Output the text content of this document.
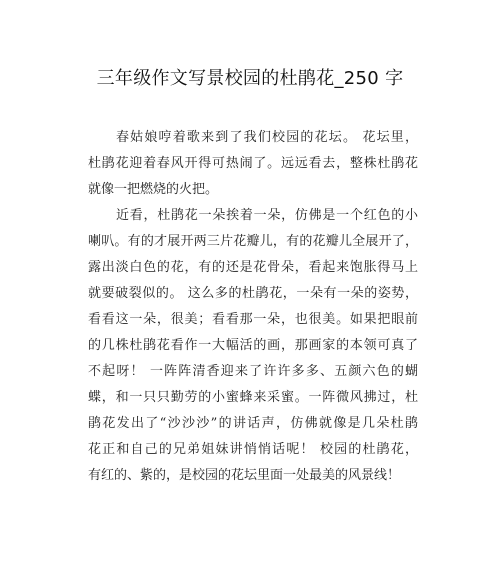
三年级作文写景校园的杜鹃花_250 字
春姑娘哼着歌来到了我们校园的花坛。 花坛里，
杜鹃花迎着春风开得可热闹了。远远看去，整株杜鹃花
就像一把燃烧的火把。
近看，杜鹃花一朵挨着一朵，仿佛是一个红色的小
喇叭。有的才展开两三片花瓣儿，有的花瓣儿全展开了，
露出淡白色的花，有的还是花骨朵，看起来饱胀得马上
就要破裂似的。 这么多的杜鹃花，一朵有一朵的姿势，
看看这一朵，很美；看看那一朵，也很美。如果把眼前
的几株杜鹃花看作一大幅活的画，那画家的本领可真了
不起呀！ 一阵阵清香迎来了许许多多、五颜六色的蝴
蝶，和一只只勤劳的小蜜蜂来采蜜。一阵微风拂过，杜
鹃花发出了“沙沙沙”的讲话声，仿佛就像是几朵杜鹃
花正和自己的兄弟姐妹讲悄悄话呢！ 校园的杜鹃花，
有红的、紫的，是校园的花坛里面一处最美的风景线！
